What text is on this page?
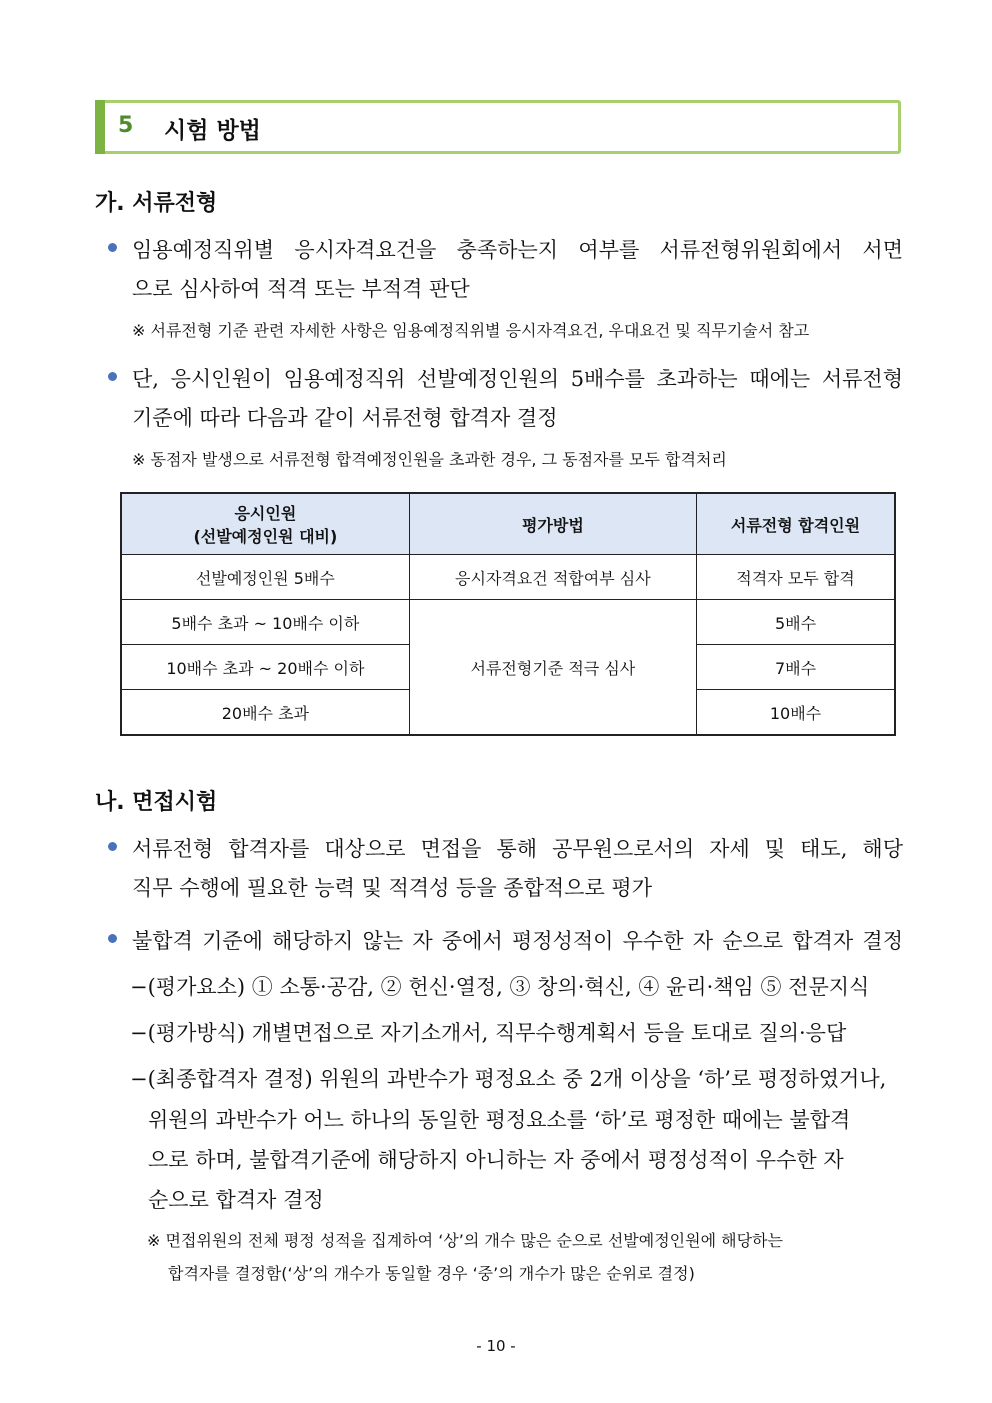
5 시험 방법
가. 서류전형
임용예정직위별 응시자격요건을 충족하는지 여부를 서류전형위원회에서 서면
으로 심사하여 적격 또는 부적격 판단
※ 서류전형 기준 관련 자세한 사항은 임용예정직위별 응시자격요건, 우대요건 및 직무기술서 참고
단, 응시인원이 임용예정직위 선발예정인원의 5배수를 초과하는 때에는 서류전형
기준에 따라 다음과 같이 서류전형 합격자 결정
※ 동점자 발생으로 서류전형 합격예정인원을 초과한 경우, 그 동점자를 모두 합격처리
응시인원
(선발예정인원 대비)	평가방법	서류전형 합격인원
선발예정인원 5배수	응시자격요건 적합여부 심사	적격자 모두 합격
5배수 초과 ~ 10배수 이하	서류전형기준 적극 심사	5배수
10배수 초과 ~ 20배수 이하		7배수
20배수 초과		10배수
나. 면접시험
서류전형 합격자를 대상으로 면접을 통해 공무원으로서의 자세 및 태도, 해당
직무 수행에 필요한 능력 및 적격성 등을 종합적으로 평가
불합격 기준에 해당하지 않는 자 중에서 평정성적이 우수한 자 순으로 합격자 결정
−(평가요소) ① 소통·공감, ② 헌신·열정, ③ 창의·혁신, ④ 윤리·책임 ⑤ 전문지식
−(평가방식) 개별면접으로 자기소개서, 직무수행계획서 등을 토대로 질의·응답
−(최종합격자 결정) 위원의 과반수가 평정요소 중 2개 이상을 ‘하’로 평정하였거나,
위원의 과반수가 어느 하나의 동일한 평정요소를 ‘하’로 평정한 때에는 불합격
으로 하며, 불합격기준에 해당하지 아니하는 자 중에서 평정성적이 우수한 자
순으로 합격자 결정
※ 면접위원의 전체 평정 성적을 집계하여 ‘상’의 개수 많은 순으로 선발예정인원에 해당하는
합격자를 결정함(‘상’의 개수가 동일할 경우 ‘중’의 개수가 많은 순위로 결정)
- 10 -
